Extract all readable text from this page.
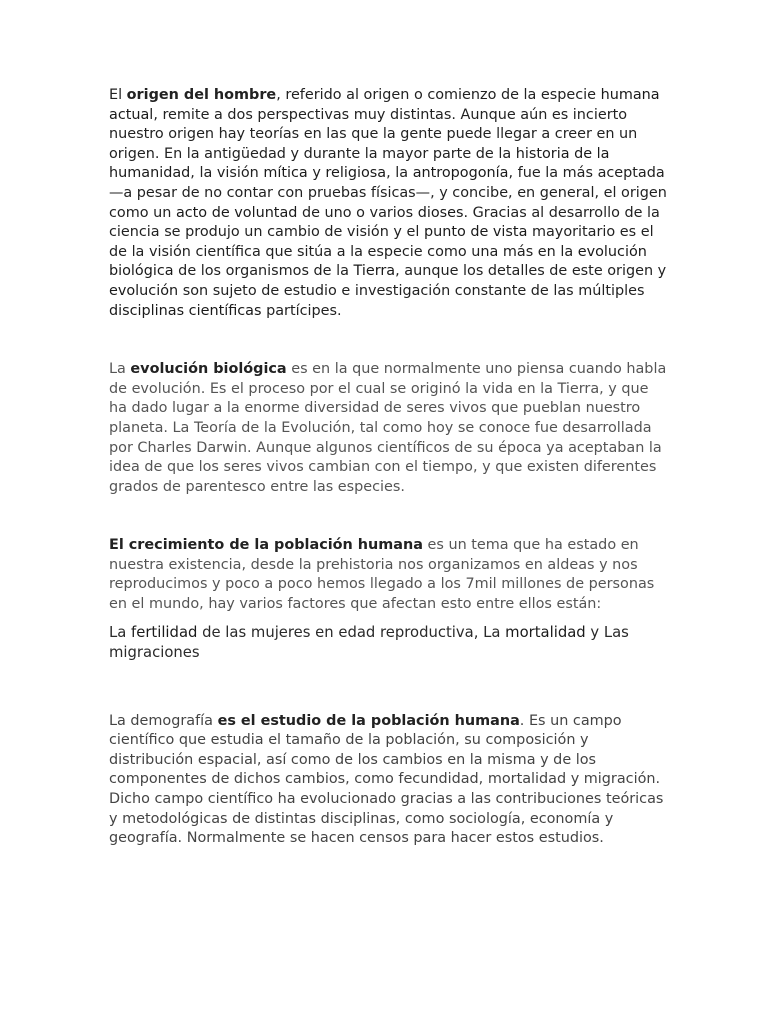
El origen del hombre, referido al origen o comienzo de la especie humana actual, remite a dos perspectivas muy distintas. Aunque aún es incierto nuestro origen hay teorías en las que la gente puede llegar a creer en un origen. En la antigüedad y durante la mayor parte de la historia de la humanidad, la visión mítica y religiosa, la antropogonía, fue la más aceptada —a pesar de no contar con pruebas físicas—, y concibe, en general, el origen como un acto de voluntad de uno o varios dioses. Gracias al desarrollo de la ciencia se produjo un cambio de visión y el punto de vista mayoritario es el de la visión científica que sitúa a la especie como una más en la evolución biológica de los organismos de la Tierra, aunque los detalles de este origen y evolución son sujeto de estudio e investigación constante de las múltiples disciplinas científicas partícipes.

La evolución biológica es en la que normalmente uno piensa cuando habla de evolución. Es el proceso por el cual se originó la vida en la Tierra, y que ha dado lugar a la enorme diversidad de seres vivos que pueblan nuestro planeta. La Teoría de la Evolución, tal como hoy se conoce fue desarrollada por Charles Darwin. Aunque algunos científicos de su época ya aceptaban la idea de que los seres vivos cambian con el tiempo, y que existen diferentes grados de parentesco entre las especies.

El crecimiento de la población humana es un tema que ha estado en nuestra existencia, desde la prehistoria nos organizamos en aldeas y nos reproducimos y poco a poco hemos llegado a los 7mil millones de personas en el mundo, hay varios factores que afectan esto entre ellos están:

La fertilidad de las mujeres en edad reproductiva, La mortalidad y Las migraciones

La demografía es el estudio de la población humana. Es un campo científico que estudia el tamaño de la población, su composición y distribución espacial, así como de los cambios en la misma y de los componentes de dichos cambios, como fecundidad, mortalidad y migración. Dicho campo científico ha evolucionado gracias a las contribuciones teóricas y metodológicas de distintas disciplinas, como sociología, economía y geografía. Normalmente se hacen censos para hacer estos estudios.
